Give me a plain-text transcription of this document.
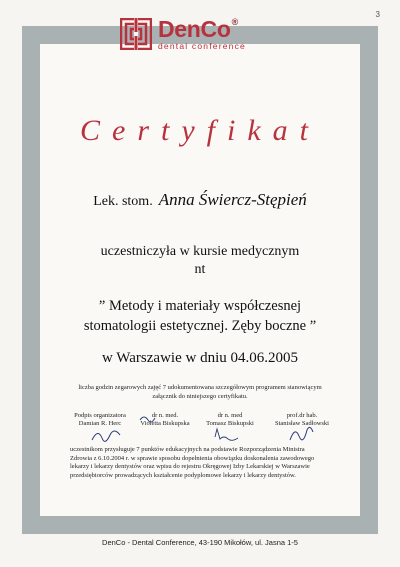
3
DenCo®
dental conference
Certyfikat
Lek. stom. Anna Świercz-Stępień
uczestniczyła w kursie medycznym
nt
” Metody i materiały współczesnej
stomatologii estetycznej. Zęby boczne ”
w Warszawie w dniu 04.06.2005
liczba godzin zegarowych zajęć 7 udokumentowana szczegółowym programem stanowiącym
załącznik do niniejszego certyfikatu.
Podpis organizatora
Damian R. Herc
dr n. med.
Violetta Biskupska
dr n. med
Tomasz Biskupski
prof.dr hab.
Stanisław Sadłowski
uczestnikom przysługuje 7 punktów edukacyjnych na podstawie Rozporządzenia Ministra
Zdrowia z 6.10.2004 r. w sprawie sposobu dopełnienia obowiązku doskonalenia zawodowego
lekarzy i lekarzy dentystów oraz wpisu do rejestru Okręgowej Izby Lekarskiej w Warszawie
przedsiębiorców prowadzących kształcenie podyplomowe lekarzy i lekarzy dentystów.
DenCo - Dental Conference, 43-190 Mikołów, ul. Jasna 1-5
